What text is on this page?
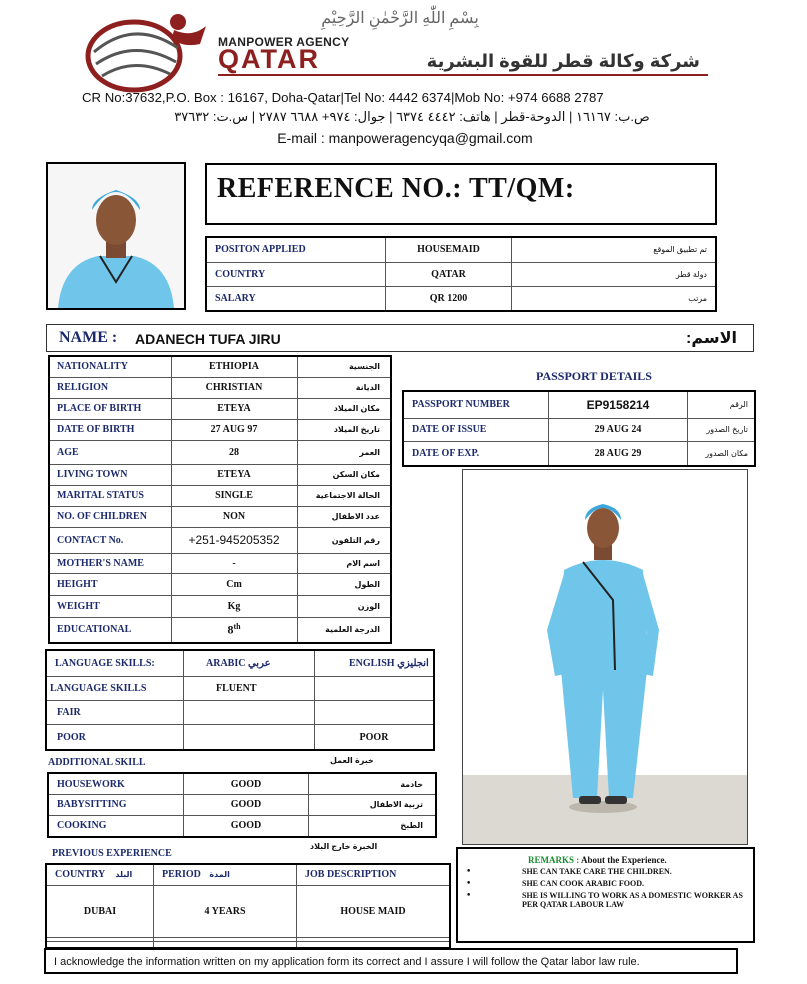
بِسْمِ اللّٰهِ الرَّحْمٰنِ الرَّحِيْمِ
MANPOWER AGENCY
QATAR	شركة وكالة قطر للقوة البشرية
CR No:37632,P.O. Box : 16167, Doha-Qatar|Tel No: 4442 6374|Mob No: +974 6688 2787
ص.ب: ١٦١٦٧ | الدوحة-قطر | هاتف: ٤٤٤٢ ٦٣٧٤ | جوال: ٩٧٤+ ٦٦٨٨ ٢٧٨٧ | س.ت: ٣٧٦٣٢
E-mail : manpoweragencyqa@gmail.com
REFERENCE NO.: TT/QM:
POSITON APPLIED	HOUSEMAID	تم تطبيق الموقع
COUNTRY	QATAR	دولة قطر
SALARY	QR 1200	مرتب
NAME : ADANECH TUFA JIRU	الاسم:
NATIONALITY	ETHIOPIA	الجنسية
RELIGION	CHRISTIAN	الديانة
PLACE OF BIRTH	ETEYA	مكان الميلاد
DATE OF BIRTH	27 AUG 97	تاريخ الميلاد
AGE	28	العمر
LIVING TOWN	ETEYA	مكان السكن
MARITAL STATUS	SINGLE	الحالة الاجتماعية
NO. OF CHILDREN	NON	عدد الاطفال
CONTACT No.	+251-945205352	رقم التلفون
MOTHER'S NAME	-	اسم الام
HEIGHT	Cm	الطول
WEIGHT	Kg	الوزن
EDUCATIONAL	8th	الدرجة العلمية
PASSPORT DETAILS
PASSPORT NUMBER	EP9158214	الرقم
DATE OF ISSUE	29 AUG 24	تاريخ الصدور
DATE OF EXP.	28 AUG 29	مكان الصدور
LANGUAGE SKILLS:	ARABIC عربي	ENGLISH انجليزي
LANGUAGE SKILLS	FLUENT	
FAIR		
POOR		POOR
ADDITIONAL SKILL	خبرة العمل
HOUSEWORK	GOOD	خادمة
BABYSITTING	GOOD	تربية الاطفال
COOKING	GOOD	الطبخ
PREVIOUS EXPERIENCE
الخبرة خارج البلاد
COUNTRY البلد	PERIOD المدة	JOB DESCRIPTION
DUBAI	4 YEARS	HOUSE MAID

REMARKS : About the Experience.
•	SHE CAN TAKE CARE THE CHILDREN.
•	SHE CAN COOK ARABIC FOOD.
•	SHE IS WILLING TO WORK AS A DOMESTIC WORKER AS PER QATAR LABOUR LAW
I acknowledge the information written on my application form its correct and I assure I will follow the Qatar labor law rule.
